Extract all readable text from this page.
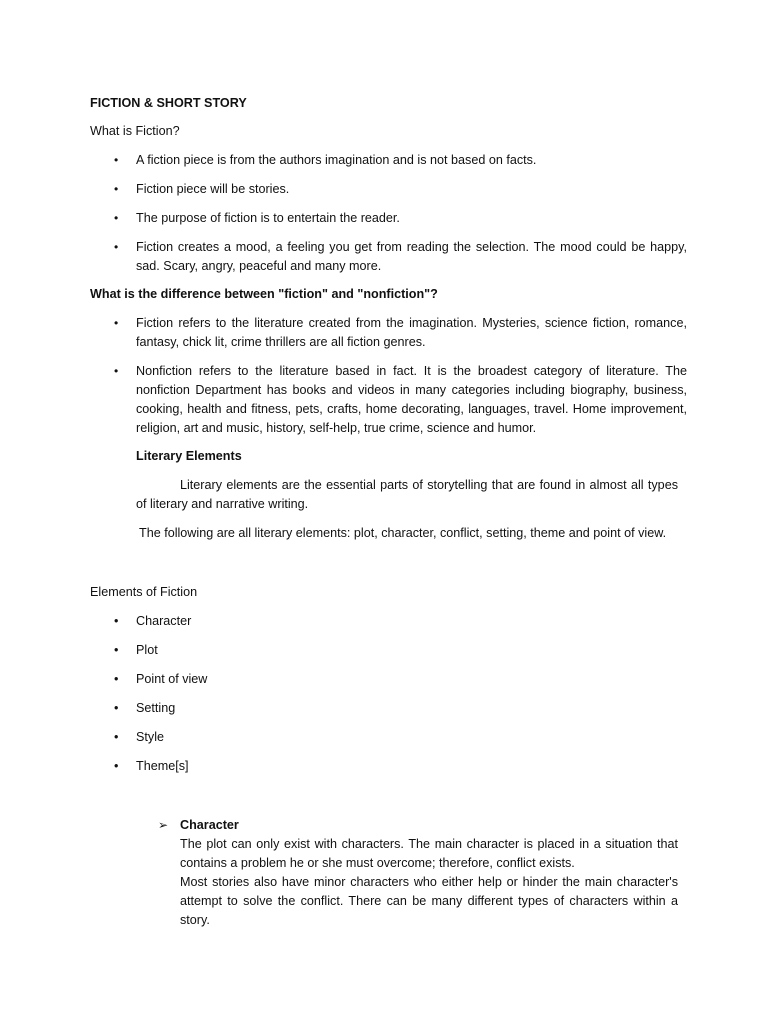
FICTION & SHORT STORY
What is Fiction?
• A fiction piece is from the authors imagination and is not based on facts.
• Fiction piece will be stories.
• The purpose of fiction is to entertain the reader.
• Fiction creates a mood, a feeling you get from reading the selection. The mood could be happy, sad. Scary, angry, peaceful and many more.
What is the difference between "fiction" and "nonfiction"?
• Fiction refers to the literature created from the imagination. Mysteries, science fiction, romance, fantasy, chick lit, crime thrillers are all fiction genres.
• Nonfiction refers to the literature based in fact. It is the broadest category of literature. The nonfiction Department has books and videos in many categories including biography, business, cooking, health and fitness, pets, crafts, home decorating, languages, travel. Home improvement, religion, art and music, history, self-help, true crime, science and humor.
Literary Elements
Literary elements are the essential parts of storytelling that are found in almost all types of literary and narrative writing.
The following are all literary elements: plot, character, conflict, setting, theme and point of view.
Elements of Fiction
• Character
• Plot
• Point of view
• Setting
• Style
• Theme[s]
➢ Character
The plot can only exist with characters. The main character is placed in a situation that contains a problem he or she must overcome; therefore, conflict exists.
Most stories also have minor characters who either help or hinder the main character's attempt to solve the conflict. There can be many different types of characters within a story.
